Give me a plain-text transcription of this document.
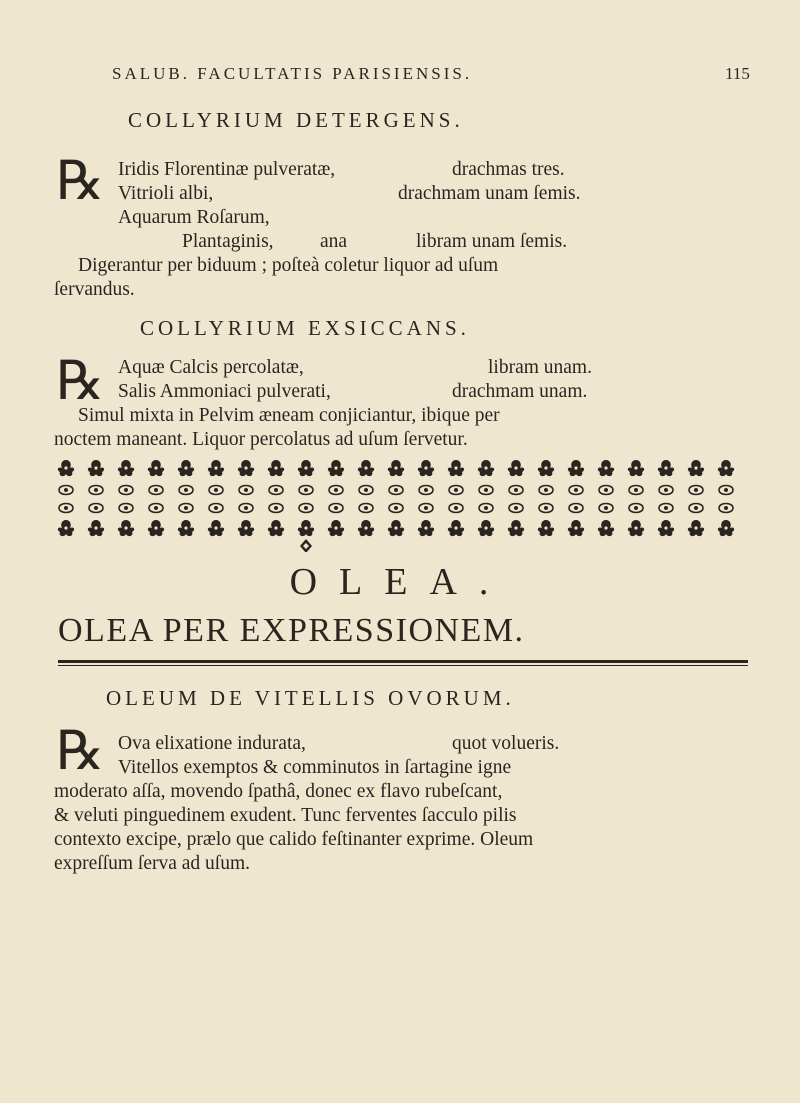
SALUB. FACULTATIS PARISIENSIS.	115
COLLYRIUM DETERGENS.
℞ Iridis Florentinæ pulveratæ,	drachmas tres.
Vitrioli albi,	drachmam unam ſemis.
Aquarum Roſarum,
Plantaginis, ana	libram unam ſemis.
Digerantur per biduum ; poſteà coletur liquor ad uſum
ſervandus.
COLLYRIUM EXSICCANS.
℞ Aquæ Calcis percolatæ,	libram unam.
Salis Ammoniaci pulverati,	drachmam unam.
Simul mixta in Pelvim æneam conjiciantur, ibique per
noctem maneant. Liquor percolatus ad uſum ſervetur.
OLEA.
OLEA PER EXPRESSIONEM.
OLEUM DE VITELLIS OVORUM.
℞ Ova elixatione indurata,	quot volueris.
Vitellos exemptos & comminutos in ſartagine igne
moderato aſſa, movendo ſpathâ, donec ex flavo rubeſcant,
& veluti pinguedinem exudent. Tunc ferventes ſacculo pilis
contexto excipe, prælo que calido feſtinanter exprime. Oleum
expreſſum ſerva ad uſum.
